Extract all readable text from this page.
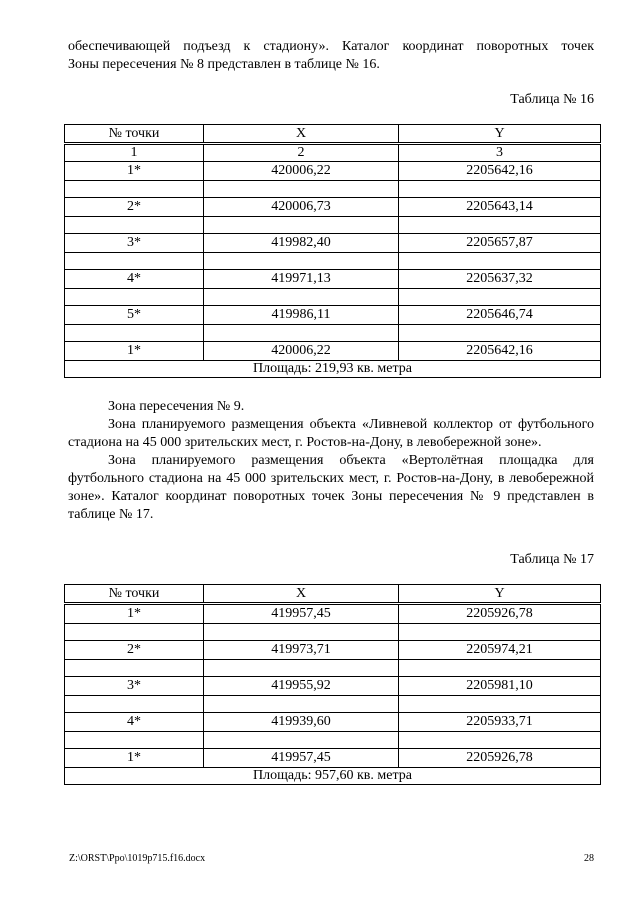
обеспечивающей подъезд к стадиону». Каталог координат поворотных точек
Зоны пересечения № 8 представлен в таблице № 16.
Таблица № 16
№ точки	X	Y
1	2	3
1*	420006,22	2205642,16

2*	420006,73	2205643,14

3*	419982,40	2205657,87

4*	419971,13	2205637,32

5*	419986,11	2205646,74

1*	420006,22	2205642,16
Площадь: 219,93 кв. метра		
Зона пересечения № 9.
Зона планируемого размещения объекта «Ливневой коллектор от футбольного стадиона на 45 000 зрительских мест, г. Ростов-на-Дону, в левобережной зоне».
Зона планируемого размещения объекта «Вертолётная площадка для футбольного стадиона на 45 000 зрительских мест, г. Ростов-на-Дону, в левобережной зоне». Каталог координат поворотных точек Зоны пересечения № 9 представлен в таблице № 17.
Таблица № 17
№ точки	X	Y
1*	419957,45	2205926,78

2*	419973,71	2205974,21

3*	419955,92	2205981,10

4*	419939,60	2205933,71

1*	419957,45	2205926,78
Площадь: 957,60 кв. метра		
Z:\ORST\Ppo\1019p715.f16.docx	28
